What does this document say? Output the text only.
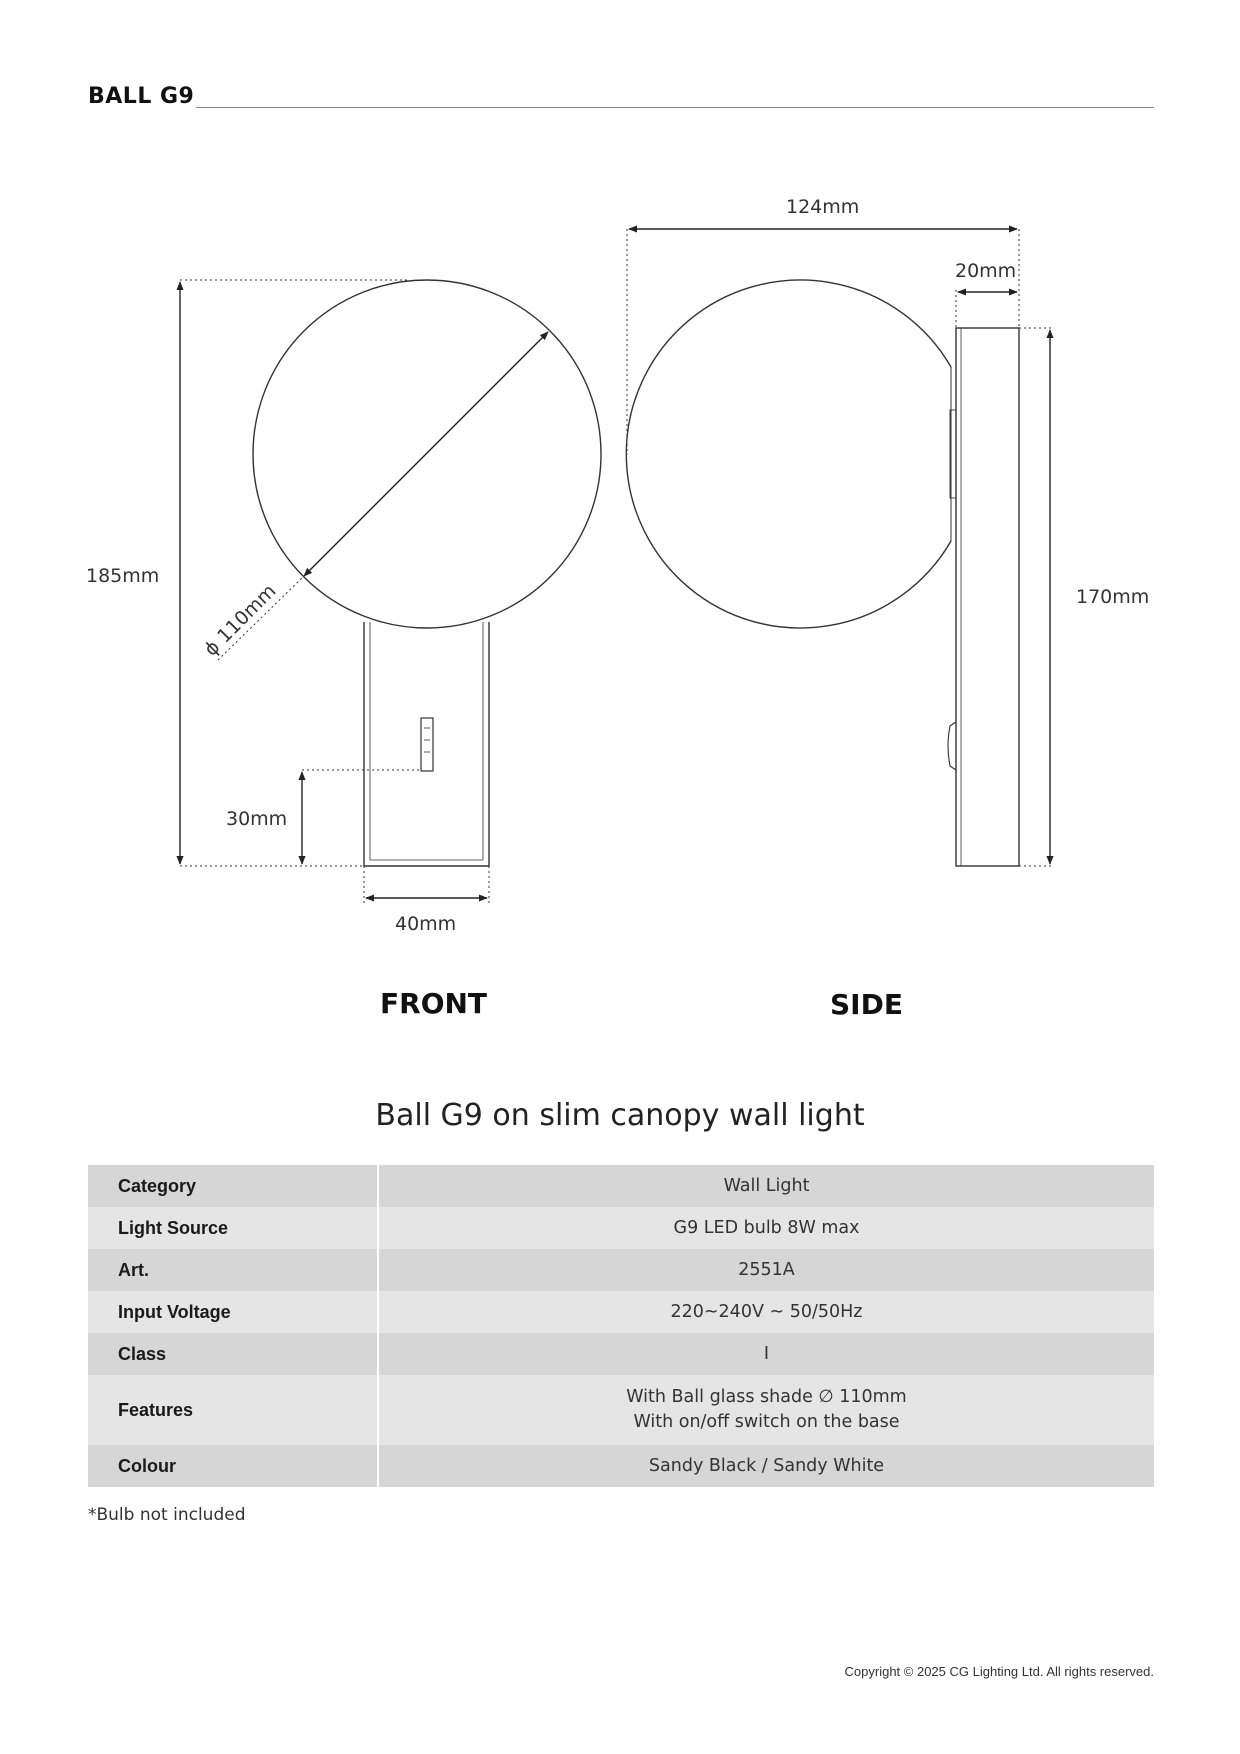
BALL G9
185mm
30mm
40mm
ϕ 110mm
FRONT
124mm
20mm
170mm
SIDE
Ball G9 on slim canopy wall light
Category	Wall Light

Light Source	G9 LED bulb 8W max

Art.	2551A

Input Voltage	220~240V ~ 50/50Hz

Class	I

Features	With Ball glass shade ∅ 110mm
With on/off switch on the base

Colour	Sandy Black / Sandy White
*Bulb not included
Copyright © 2025 CG Lighting Ltd. All rights reserved.
